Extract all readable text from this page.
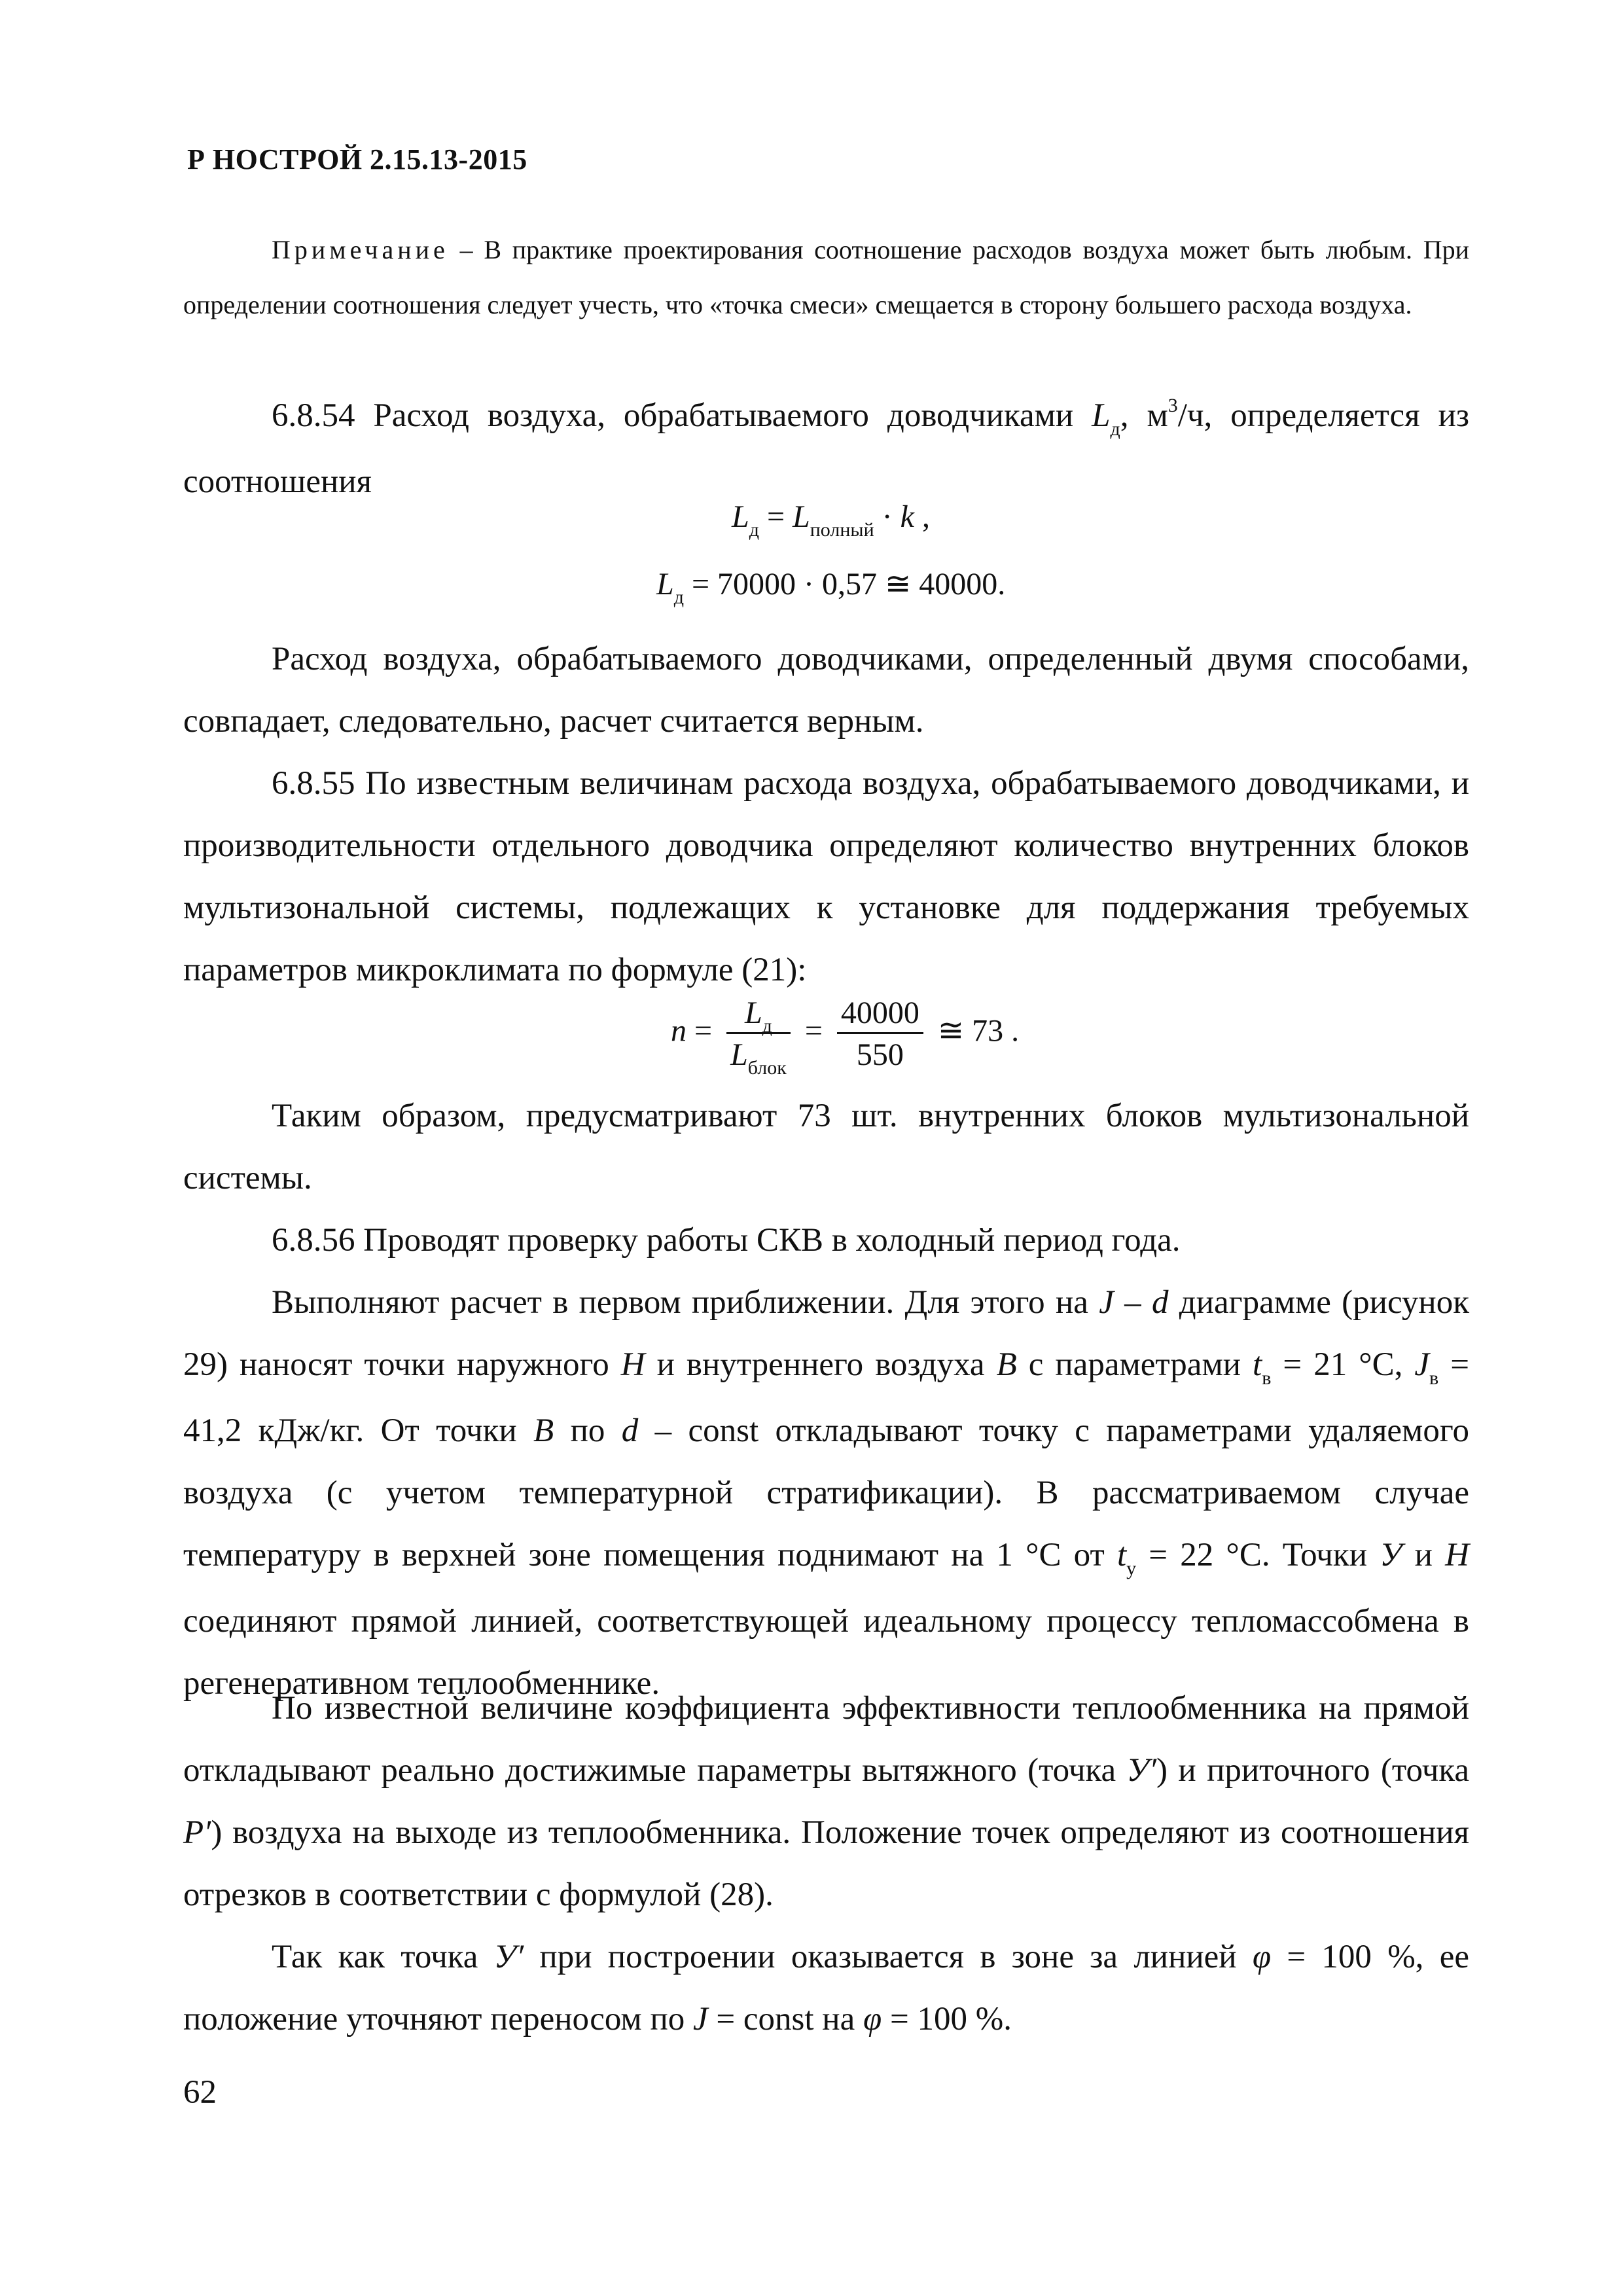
Р НОСТРОЙ 2.15.13-2015
Примечание – В практике проектирования соотношение расходов воздуха может быть любым. При определении соотношения следует учесть, что «точка смеси» смещается в сторону большего расхода воздуха.

6.8.54 Расход воздуха, обрабатываемого доводчиками $L_д$, $м^3/ч$, определяется из соотношения

$L_д = L_{полный} \cdot k$ ,
$L_д = 70000 \cdot 0,57$ ≅ 40000.

Расход воздуха, обрабатываемого доводчиками, определенный двумя способами, совпадает, следовательно, расчет считается верным.

6.8.55 По известным величинам расхода воздуха, обрабатываемого доводчиками, и производительности отдельного доводчика определяют количество внутренних блоков мультизональной системы, подлежащих к установке для поддержания требуемых параметров микроклимата по формуле (21):

$n = \frac{L_д}{L_{блок}} = \frac{40000}{550}$ ≅ 73 .

Таким образом, предусматривают 73 шт. внутренних блоков мультизональной системы.

6.8.56 Проводят проверку работы СКВ в холодный период года.

Выполняют расчет в первом приближении. Для этого на J – d диаграмме (рисунок 29) наносят точки наружного Н и внутреннего воздуха В с параметрами $t_в = 21$ °С, $J_в = 41,2$ кДж/кг. От точки В по d – const откладывают точку с параметрами удаляемого воздуха (с учетом температурной стратификации). В рассматриваемом случае температуру в верхней зоне помещения поднимают на 1 °С от $t_у = 22$ °С. Точки У и Н соединяют прямой линией, соответствующей идеальному процессу тепломассобмена в регенеративном теплообменнике.

По известной величине коэффициента эффективности теплообменника на прямой откладывают реально достижимые параметры вытяжного (точка У′) и приточного (точка Р′) воздуха на выходе из теплообменника. Положение точек определяют из соотношения отрезков в соответствии с формулой (28).

Так как точка У′ при построении оказывается в зоне за линией φ = 100 %, ее положение уточняют переносом по J = const на φ = 100 %.

62
